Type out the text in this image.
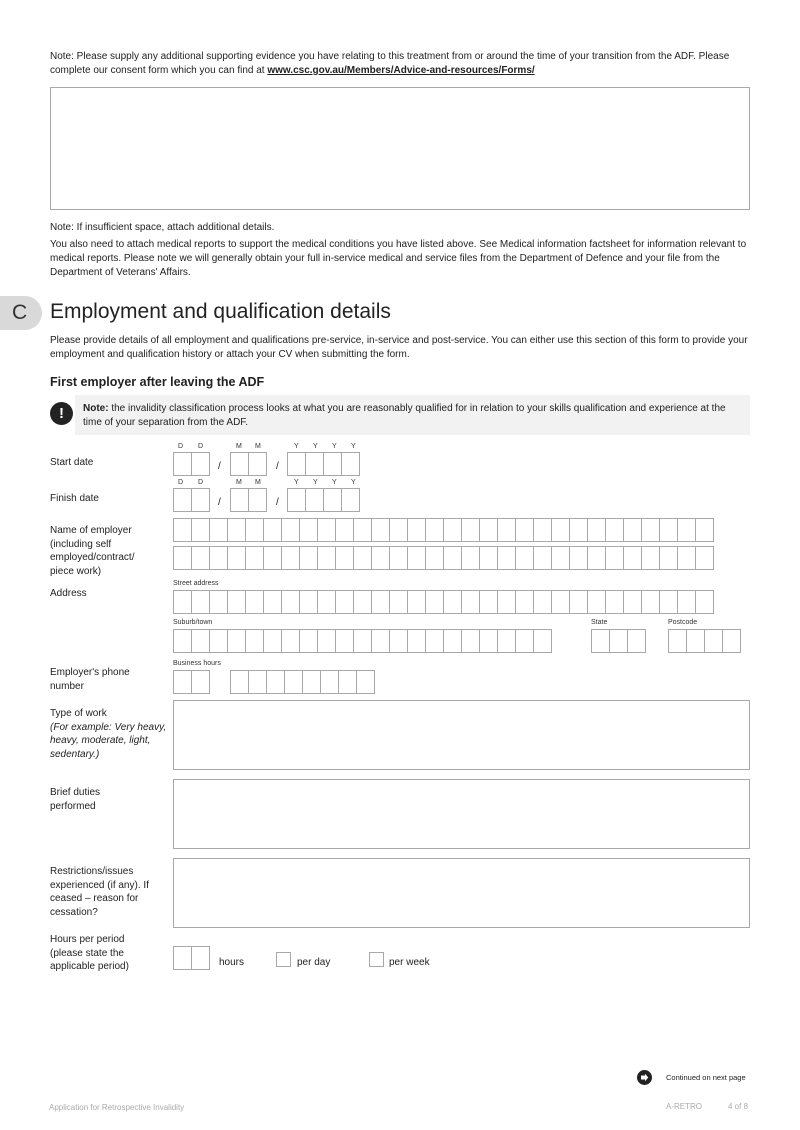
Note: Please supply any additional supporting evidence you have relating to this treatment from or around the time of your transition from the ADF. Please complete our consent form which you can find at www.csc.gov.au/Members/Advice-and-resources/Forms/

Note: If insufficient space, attach additional details.

You also need to attach medical reports to support the medical conditions you have listed above. See Medical information factsheet for information relevant to medical reports. Please note we will generally obtain your full in-service medical and service files from the Department of Defence and your file from the Department of Veterans' Affairs.

C Employment and qualification details

Please provide details of all employment and qualifications pre-service, in-service and post-service. You can either use this section of this form to provide your employment and qualification history or attach your CV when submitting the form.

First employer after leaving the ADF
!	Note: the invalidity classification process looks at what you are reasonably qualified for in relation to your skills qualification and experience at the time of your separation from the ADF.

D D	M M	Y Y Y Y
Start date	/	/
D D	M M	Y Y Y Y
Finish date	/	/
Name of employer (including self employed/contract/ piece work)
Address
Street address
Suburb/town	State	Postcode
Employer's phone number
Business hours
Type of work
(For example: Very heavy, heavy, moderate, light, sedentary.)
Brief duties performed
Restrictions/issues experienced (if any). If ceased – reason for cessation?
Hours per period (please state the applicable period)	hours	per day	per week
Continued on next page
Application for Retrospective Invalidity	A-RETRO	4 of 8
